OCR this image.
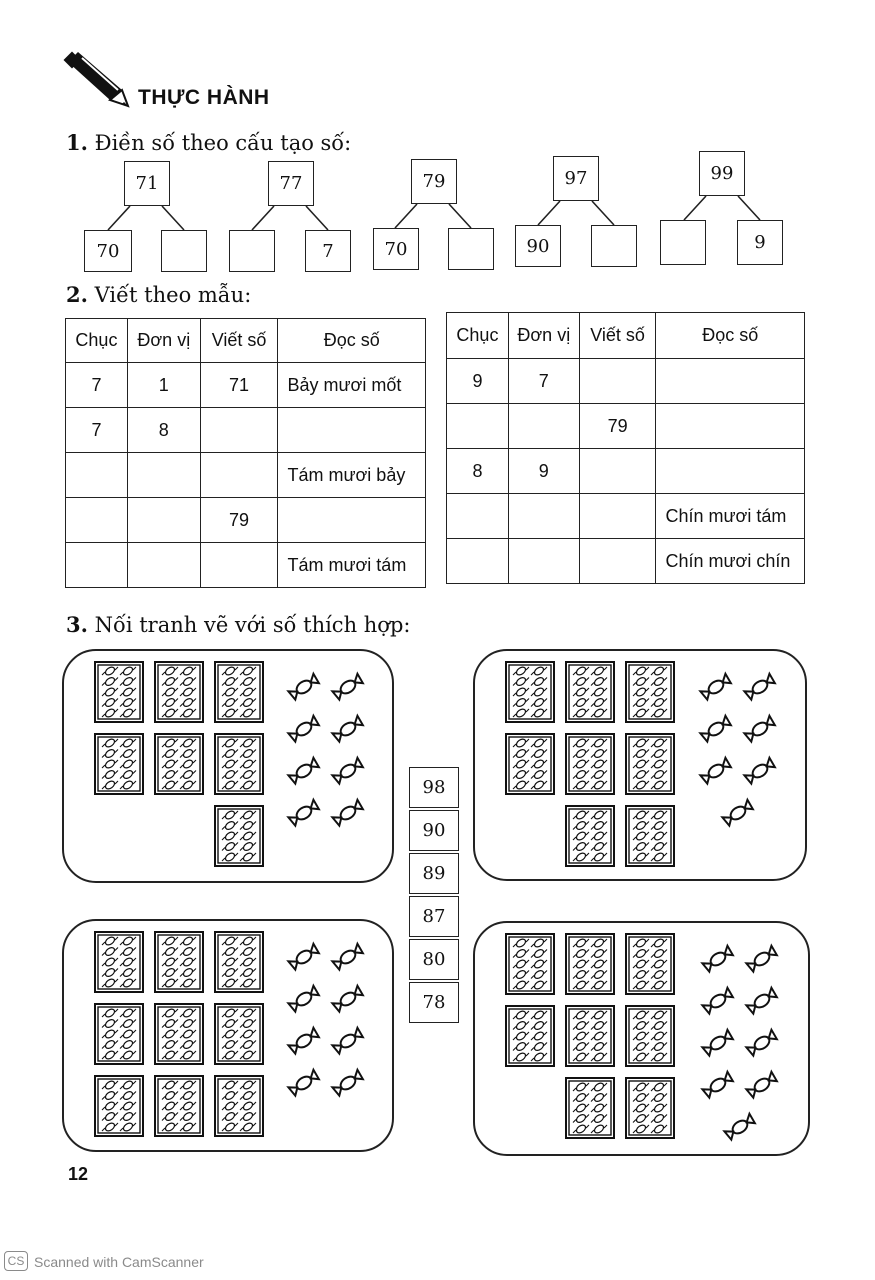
THỰC HÀNH
1. Điền số theo cấu tạo số:
71
70
77
7
79
70
97
90
99
9
2. Viết theo mẫu:
Chục	Đơn vị	Viết số	Đọc số
7	1	71	Bảy mươi mốt
7	8		
			Tám mươi bảy
		79	
			Tám mươi tám
Chục	Đơn vị	Viết số	Đọc số
9	7		
		79	
8	9		
			Chín mươi tám
			Chín mươi chín
3. Nối tranh vẽ với số thích hợp:
98
90
89
87
80
78
12
CS Scanned with CamScanner
